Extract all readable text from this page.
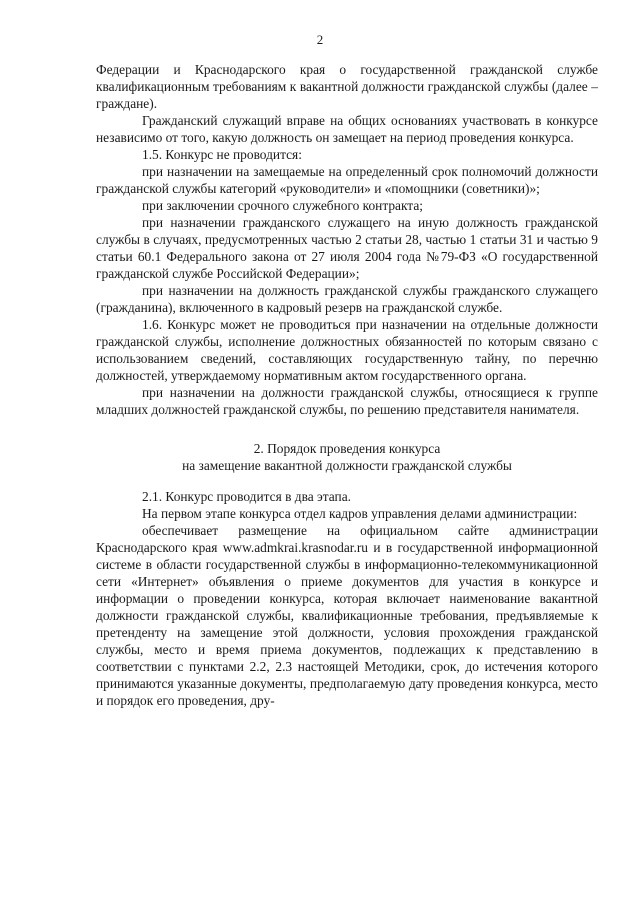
2

Федерации и Краснодарского края о государственной гражданской службе квалификационным требованиям к вакантной должности гражданской службы (далее – граждане).

Гражданский служащий вправе на общих основаниях участвовать в конкурсе независимо от того, какую должность он замещает на период проведения конкурса.

1.5. Конкурс не проводится:

при назначении на замещаемые на определенный срок полномочий должности гражданской службы категорий «руководители» и «помощники (советники)»;

при заключении срочного служебного контракта;

при назначении гражданского служащего на иную должность гражданской службы в случаях, предусмотренных частью 2 статьи 28, частью 1 статьи 31 и частью 9 статьи 60.1 Федерального закона от 27 июля 2004 года №79-ФЗ «О государственной гражданской службе Российской Федерации»;

при назначении на должность гражданской службы гражданского служащего (гражданина), включенного в кадровый резерв на гражданской службе.

1.6. Конкурс может не проводиться при назначении на отдельные должности гражданской службы, исполнение должностных обязанностей по которым связано с использованием сведений, составляющих государственную тайну, по перечню должностей, утверждаемому нормативным актом государственного органа.

при назначении на должности гражданской службы, относящиеся к группе младших должностей гражданской службы, по решению представителя нанимателя.

2. Порядок проведения конкурса
на замещение вакантной должности гражданской службы

2.1. Конкурс проводится в два этапа.

На первом этапе конкурса отдел кадров управления делами администрации:

обеспечивает размещение на официальном сайте администрации Краснодарского края www.admkrai.krasnodar.ru и в государственной информационной системе в области государственной службы в информационно-телекоммуникационной сети «Интернет» объявления о приеме документов для участия в конкурсе и информации о проведении конкурса, которая включает наименование вакантной должности гражданской службы, квалификационные требования, предъявляемые к претенденту на замещение этой должности, условия прохождения гражданской службы, место и время приема документов, подлежащих к представлению в соответствии с пунктами 2.2, 2.3 настоящей Методики, срок, до истечения которого принимаются указанные документы, предполагаемую дату проведения конкурса, место и порядок его проведения, дру-
